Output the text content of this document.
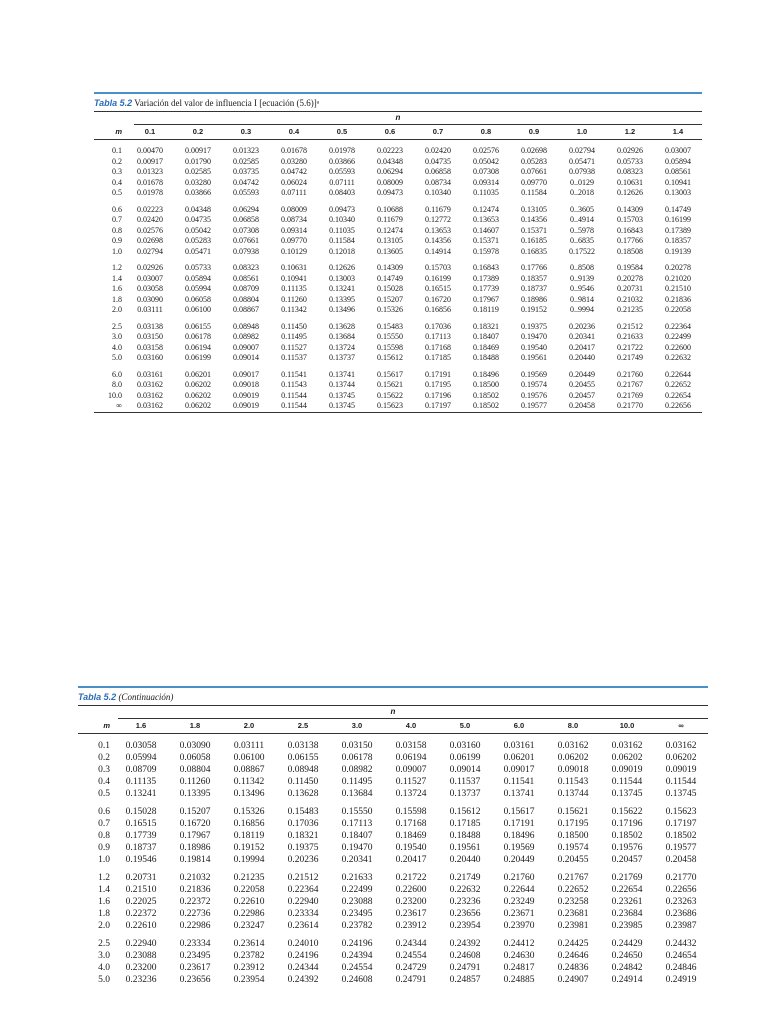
Tabla 5.2 Variación del valor de influencia I [ecuación (5.6)]ᵃ
n
m	0.1	0.2	0.3	0.4	0.5	0.6	0.7	0.8	0.9	1.0	1.2	1.4
0.1	0.00470	0.00917	0.01323	0.01678	0.01978	0.02223	0.02420	0.02576	0.02698	0.02794	0.02926	0.03007
0.2	0.00917	0.01790	0.02585	0.03280	0.03866	0.04348	0.04735	0.05042	0.05283	0.05471	0.05733	0.05894
0.3	0.01323	0.02585	0.03735	0.04742	0.05593	0.06294	0.06858	0.07308	0.07661	0.07938	0.08323	0.08561
0.4	0.01678	0.03280	0.04742	0.06024	0.07111	0.08009	0.08734	0.09314	0.09770	0..0129	0.10631	0.10941
0.5	0.01978	0.03866	0.05593	0.07111	0.08403	0.09473	0.10340	0.11035	0.11584	0..2018	0.12626	0.13003
0.6	0.02223	0.04348	0.06294	0.08009	0.09473	0.10688	0.11679	0.12474	0.13105	0..3605	0.14309	0.14749
0.7	0.02420	0.04735	0.06858	0.08734	0.10340	0.11679	0.12772	0.13653	0.14356	0..4914	0.15703	0.16199
0.8	0.02576	0.05042	0.07308	0.09314	0.11035	0.12474	0.13653	0.14607	0.15371	0..5978	0.16843	0.17389
0.9	0.02698	0.05283	0.07661	0.09770	0.11584	0.13105	0.14356	0.15371	0.16185	0..6835	0.17766	0.18357
1.0	0.02794	0.05471	0.07938	0.10129	0.12018	0.13605	0.14914	0.15978	0.16835	0.17522	0.18508	0.19139
1.2	0.02926	0.05733	0.08323	0.10631	0.12626	0.14309	0.15703	0.16843	0.17766	0..8508	0.19584	0.20278
1.4	0.03007	0.05894	0.08561	0.10941	0.13003	0.14749	0.16199	0.17389	0.18357	0..9139	0.20278	0.21020
1.6	0.03058	0.05994	0.08709	0.11135	0.13241	0.15028	0.16515	0.17739	0.18737	0..9546	0.20731	0.21510
1.8	0.03090	0.06058	0.08804	0.11260	0.13395	0.15207	0.16720	0.17967	0.18986	0..9814	0.21032	0.21836
2.0	0.03111	0.06100	0.08867	0.11342	0.13496	0.15326	0.16856	0.18119	0.19152	0..9994	0.21235	0.22058
2.5	0.03138	0.06155	0.08948	0.11450	0.13628	0.15483	0.17036	0.18321	0.19375	0.20236	0.21512	0.22364
3.0	0.03150	0.06178	0.08982	0.11495	0.13684	0.15550	0.17113	0.18407	0.19470	0.20341	0.21633	0.22499
4.0	0.03158	0.06194	0.09007	0.11527	0.13724	0.15598	0.17168	0.18469	0.19540	0.20417	0.21722	0.22600
5.0	0.03160	0.06199	0.09014	0.11537	0.13737	0.15612	0.17185	0.18488	0.19561	0.20440	0.21749	0.22632
6.0	0.03161	0.06201	0.09017	0.11541	0.13741	0.15617	0.17191	0.18496	0.19569	0.20449	0.21760	0.22644
8.0	0.03162	0.06202	0.09018	0.11543	0.13744	0.15621	0.17195	0.18500	0.19574	0.20455	0.21767	0.22652
10.0	0.03162	0.06202	0.09019	0.11544	0.13745	0.15622	0.17196	0.18502	0.19576	0.20457	0.21769	0.22654
∞	0.03162	0.06202	0.09019	0.11544	0.13745	0.15623	0.17197	0.18502	0.19577	0.20458	0.21770	0.22656
Tabla 5.2 (Continuación)
n
m	1.6	1.8	2.0	2.5	3.0	4.0	5.0	6.0	8.0	10.0	∞
0.1	0.03058	0.03090	0.03111	0.03138	0.03150	0.03158	0.03160	0.03161	0.03162	0.03162	0.03162
0.2	0.05994	0.06058	0.06100	0.06155	0.06178	0.06194	0.06199	0.06201	0.06202	0.06202	0.06202
0.3	0.08709	0.08804	0.08867	0.08948	0.08982	0.09007	0.09014	0.09017	0.09018	0.09019	0.09019
0.4	0.11135	0.11260	0.11342	0.11450	0.11495	0.11527	0.11537	0.11541	0.11543	0.11544	0.11544
0.5	0.13241	0.13395	0.13496	0.13628	0.13684	0.13724	0.13737	0.13741	0.13744	0.13745	0.13745
0.6	0.15028	0.15207	0.15326	0.15483	0.15550	0.15598	0.15612	0.15617	0.15621	0.15622	0.15623
0.7	0.16515	0.16720	0.16856	0.17036	0.17113	0.17168	0.17185	0.17191	0.17195	0.17196	0.17197
0.8	0.17739	0.17967	0.18119	0.18321	0.18407	0.18469	0.18488	0.18496	0.18500	0.18502	0.18502
0.9	0.18737	0.18986	0.19152	0.19375	0.19470	0.19540	0.19561	0.19569	0.19574	0.19576	0.19577
1.0	0.19546	0.19814	0.19994	0.20236	0.20341	0.20417	0.20440	0.20449	0.20455	0.20457	0.20458
1.2	0.20731	0.21032	0.21235	0.21512	0.21633	0.21722	0.21749	0.21760	0.21767	0.21769	0.21770
1.4	0.21510	0.21836	0.22058	0.22364	0.22499	0.22600	0.22632	0.22644	0.22652	0.22654	0.22656
1.6	0.22025	0.22372	0.22610	0.22940	0.23088	0.23200	0.23236	0.23249	0.23258	0.23261	0.23263
1.8	0.22372	0.22736	0.22986	0.23334	0.23495	0.23617	0.23656	0.23671	0.23681	0.23684	0.23686
2.0	0.22610	0.22986	0.23247	0.23614	0.23782	0.23912	0.23954	0.23970	0.23981	0.23985	0.23987
2.5	0.22940	0.23334	0.23614	0.24010	0.24196	0.24344	0.24392	0.24412	0.24425	0.24429	0.24432
3.0	0.23088	0.23495	0.23782	0.24196	0.24394	0.24554	0.24608	0.24630	0.24646	0.24650	0.24654
4.0	0.23200	0.23617	0.23912	0.24344	0.24554	0.24729	0.24791	0.24817	0.24836	0.24842	0.24846
5.0	0.23236	0.23656	0.23954	0.24392	0.24608	0.24791	0.24857	0.24885	0.24907	0.24914	0.24919
